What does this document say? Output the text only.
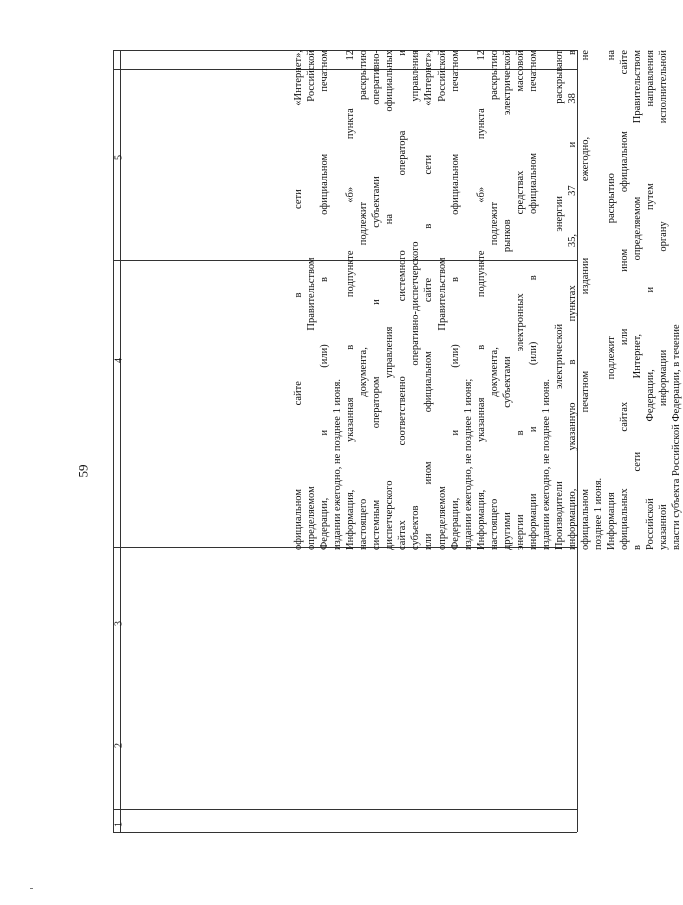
59
1
2
3
4
5	официальном сайте в сети «Интернет», определяемом Правительством Российской Федерации, и (или) в официальном печатном издании ежегодно, не позднее 1 июня. Информация, указанная в подпункте «б» пункта 12 настоящего документа, подлежит раскрытию системным оператором и субъектами оперативно- диспетчерского управления на официальных сайтах соответственно системного оператора и субъектов оперативно-диспетчерского управления или ином официальном сайте в сети «Интернет», определяемом Правительством Российской Федерации, и (или) в официальном печатном издании ежегодно, не позднее 1 июня; Информация, указанная в подпункте «б» пункта 12 настоящего документа, подлежит раскрытию другими субъектами рынков электрической энергии в электронных средствах массовой информации и (или) в официальном печатном издании ежегодно, не позднее 1 июня. Производители электрической энергии раскрывают информацию, указанную в пунктах 35, 37 и 38 в официальном печатном издании ежегодно, не позднее 1 июня. Информация подлежит раскрытию на официальных сайтах или ином официальном сайте в сети Интернет, определяемом Правительством Российской Федерации, и путем направления указанной информации органу исполнительной власти субъекта Российской Федерации, в течение
